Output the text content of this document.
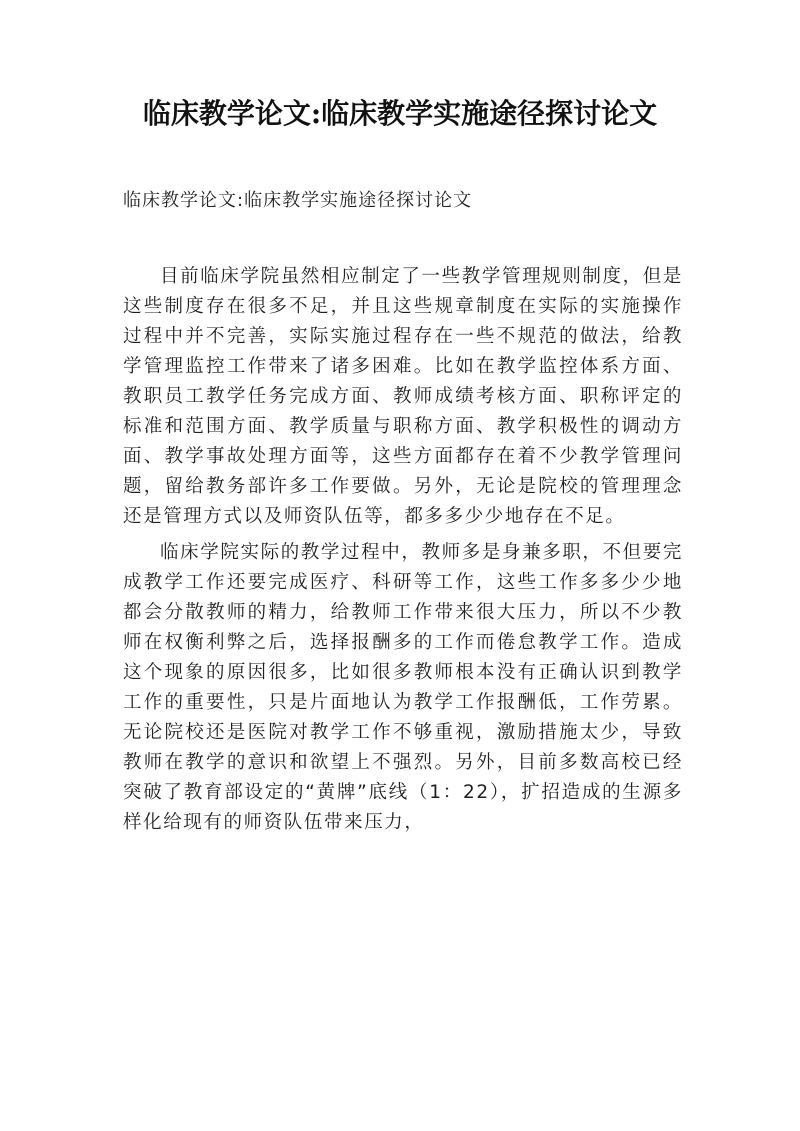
临床教学论文:临床教学实施途径探讨论文
临床教学论文:临床教学实施途径探讨论文

目前临床学院虽然相应制定了一些教学管理规则制度，但是这些制度存在很多不足，并且这些规章制度在实际的实施操作过程中并不完善，实际实施过程存在一些不规范的做法，给教学管理监控工作带来了诸多困难。比如在教学监控体系方面、教职员工教学任务完成方面、教师成绩考核方面、职称评定的标准和范围方面、教学质量与职称方面、教学积极性的调动方面、教学事故处理方面等，这些方面都存在着不少教学管理问题，留给教务部许多工作要做。另外，无论是院校的管理理念还是管理方式以及师资队伍等，都多多少少地存在不足。

临床学院实际的教学过程中，教师多是身兼多职，不但要完成教学工作还要完成医疗、科研等工作，这些工作多多少少地都会分散教师的精力，给教师工作带来很大压力，所以不少教师在权衡利弊之后，选择报酬多的工作而倦怠教学工作。造成这个现象的原因很多，比如很多教师根本没有正确认识到教学工作的重要性，只是片面地认为教学工作报酬低，工作劳累。无论院校还是医院对教学工作不够重视，激励措施太少，导致教师在教学的意识和欲望上不强烈。另外，目前多数高校已经突破了教育部设定的“黄牌”底线（1：22），扩招造成的生源多样化给现有的师资队伍带来压力，
